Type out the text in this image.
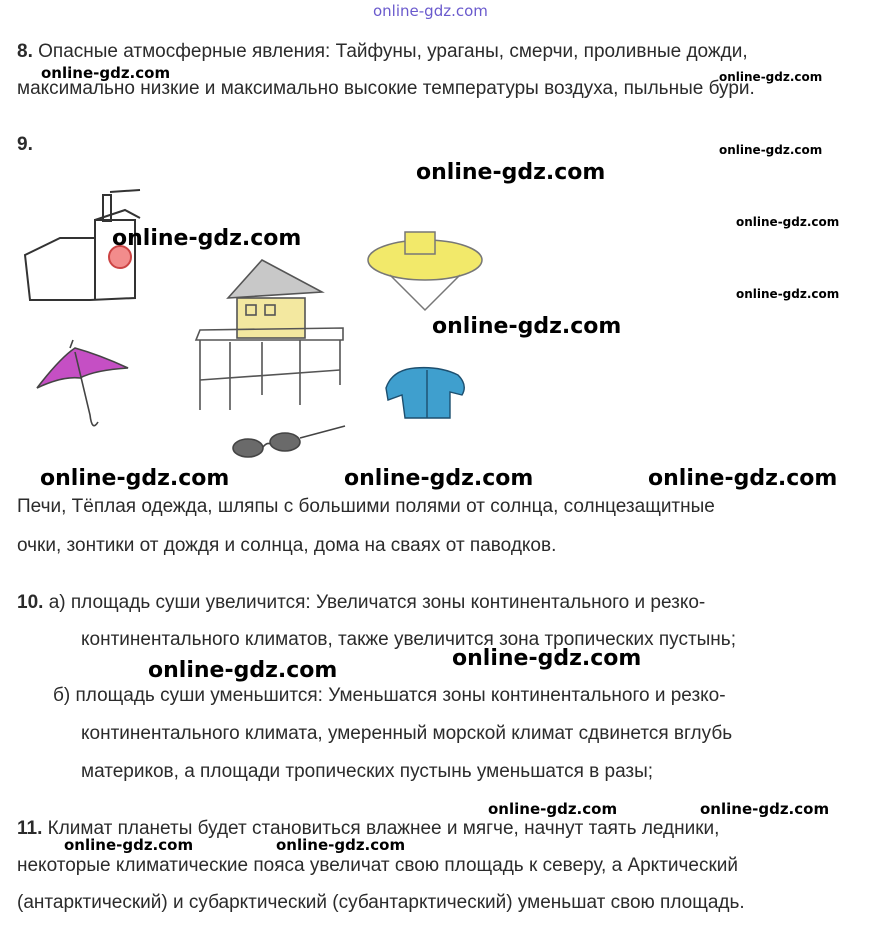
online-gdz.com
8. Опасные атмосферные явления: Тайфуны, ураганы, смерчи, проливные дожди,
максимально низкие и максимально высокие температуры воздуха, пыльные бури.
9.
Печи, Тёплая одежда, шляпы с большими полями от солнца, солнцезащитные
очки, зонтики от дождя и солнца, дома на сваях от паводков.
10. а) площадь суши увеличится: Увеличатся зоны континентального и резко-
континентального климатов, также увеличится зона тропических пустынь;
б) площадь суши уменьшится: Уменьшатся зоны континентального и резко-
континентального климата, умеренный морской климат сдвинется вглубь
материков, а площади тропических пустынь уменьшатся в разы;
11. Климат планеты будет становиться влажнее и мягче, начнут таять ледники,
некоторые климатические пояса увеличат свою площадь к северу, а Арктический
(антарктический) и субарктический (субантарктический) уменьшат свою площадь.
online-gdz.com	online-gdz.com
online-gdz.com
online-gdz.com
online-gdz.com
online-gdz.com
online-gdz.com
online-gdz.com
online-gdz.com	online-gdz.com	online-gdz.com
online-gdz.com
online-gdz.com
online-gdz.com	online-gdz.com
online-gdz.com	online-gdz.com
